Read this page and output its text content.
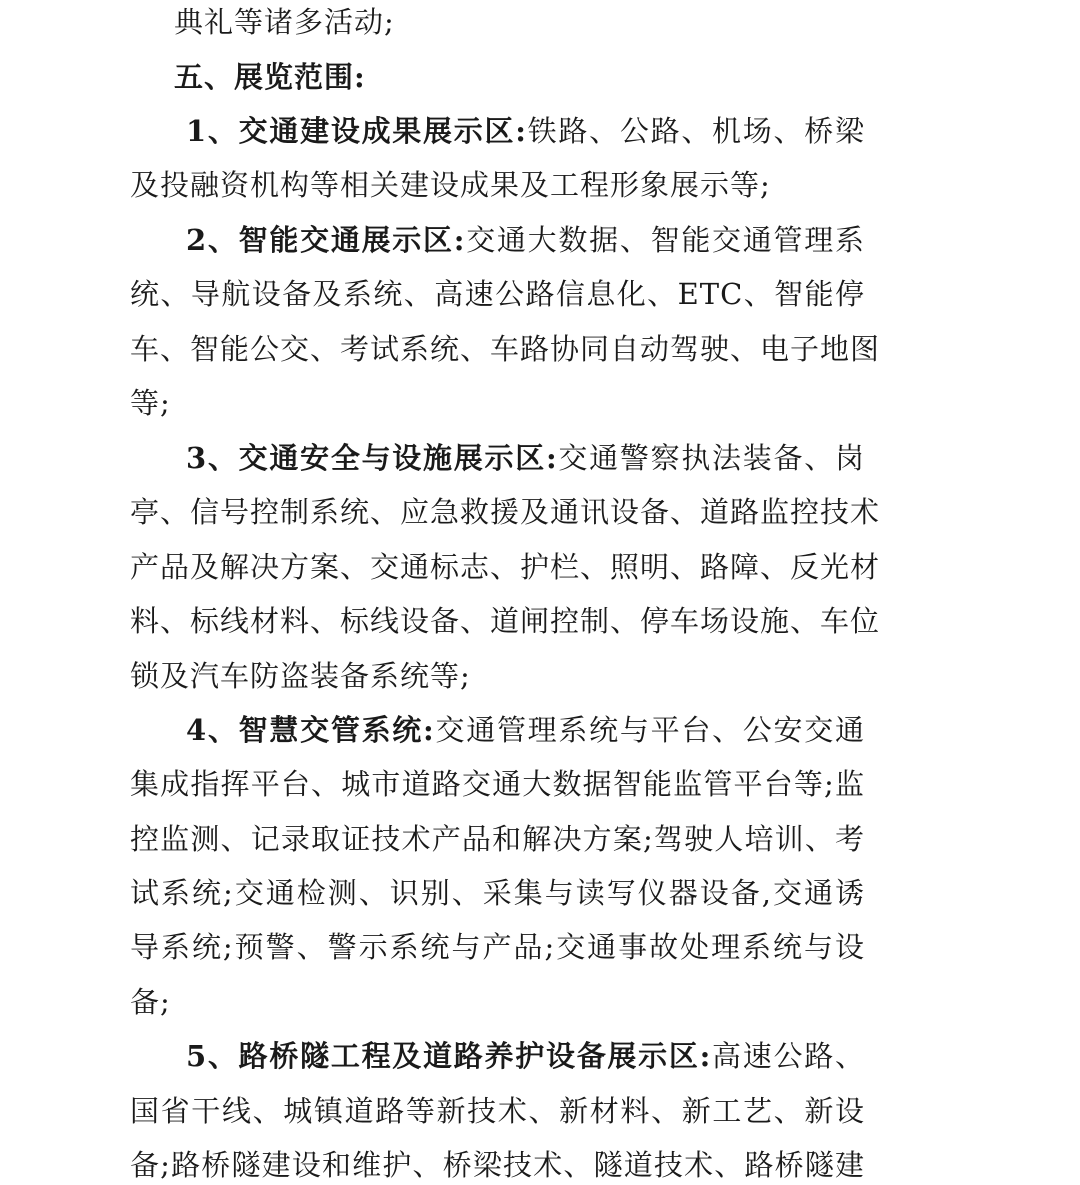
典礼等诸多活动;
五、展览范围:
1、交通建设成果展示区:铁路、公路、机场、桥梁
及投融资机构等相关建设成果及工程形象展示等;
2、智能交通展示区:交通大数据、智能交通管理系
统、导航设备及系统、高速公路信息化、ETC、智能停
车、智能公交、考试系统、车路协同自动驾驶、电子地图
等;
3、交通安全与设施展示区:交通警察执法装备、岗
亭、信号控制系统、应急救援及通讯设备、道路监控技术
产品及解决方案、交通标志、护栏、照明、路障、反光材
料、标线材料、标线设备、道闸控制、停车场设施、车位
锁及汽车防盗装备系统等;
4、智慧交管系统:交通管理系统与平台、公安交通
集成指挥平台、城市道路交通大数据智能监管平台等;监
控监测、记录取证技术产品和解决方案;驾驶人培训、考
试系统;交通检测、识别、采集与读写仪器设备,交通诱
导系统;预警、警示系统与产品;交通事故处理系统与设
备;
5、路桥隧工程及道路养护设备展示区:高速公路、
国省干线、城镇道路等新技术、新材料、新工艺、新设
备;路桥隧建设和维护、桥梁技术、隧道技术、路桥隧建
